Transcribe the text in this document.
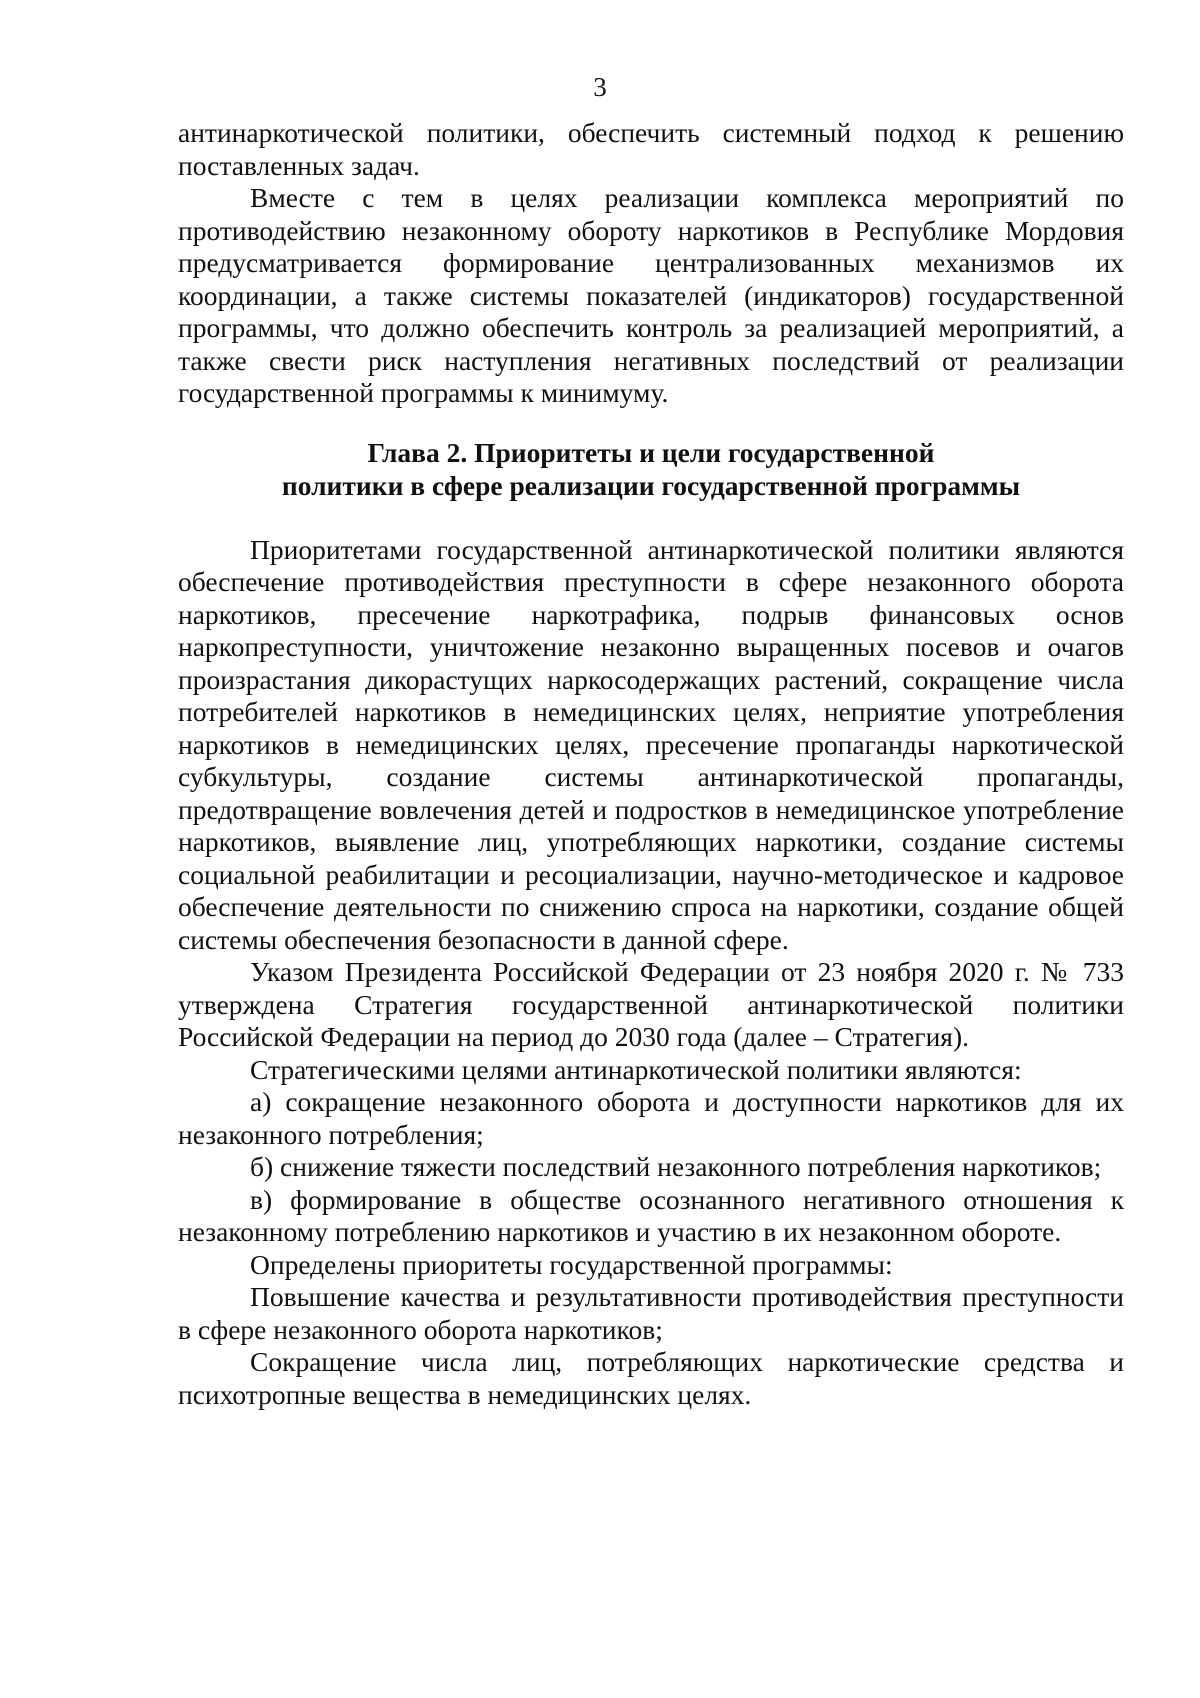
3

антинаркотической политики, обеспечить системный подход к решению поставленных задач.

Вместе с тем в целях реализации комплекса мероприятий по противодействию незаконному обороту наркотиков в Республике Мордовия предусматривается формирование централизованных механизмов их координации, а также системы показателей (индикаторов) государственной программы, что должно обеспечить контроль за реализацией мероприятий, а также свести риск наступления негативных последствий от реализации государственной программы к минимуму.

Глава 2. Приоритеты и цели государственной
политики в сфере реализации государственной программы

Приоритетами государственной антинаркотической политики являются обеспечение противодействия преступности в сфере незаконного оборота наркотиков, пресечение наркотрафика, подрыв финансовых основ наркопреступности, уничтожение незаконно выращенных посевов и очагов произрастания дикорастущих наркосодержащих растений, сокращение числа потребителей наркотиков в немедицинских целях, неприятие употребления наркотиков в немедицинских целях, пресечение пропаганды наркотической субкультуры, создание системы антинаркотической пропаганды, предотвращение вовлечения детей и подростков в немедицинское употребление наркотиков, выявление лиц, употребляющих наркотики, создание системы социальной реабилитации и ресоциализации, научно-методическое и кадровое обеспечение деятельности по снижению спроса на наркотики, создание общей системы обеспечения безопасности в данной сфере.

Указом Президента Российской Федерации от 23 ноября 2020 г. № 733 утверждена Стратегия государственной антинаркотической политики Российской Федерации на период до 2030 года (далее – Стратегия).

Стратегическими целями антинаркотической политики являются:

а) сокращение незаконного оборота и доступности наркотиков для их незаконного потребления;

б) снижение тяжести последствий незаконного потребления наркотиков;

в) формирование в обществе осознанного негативного отношения к незаконному потреблению наркотиков и участию в их незаконном обороте.

Определены приоритеты государственной программы:

Повышение качества и результативности противодействия преступности в сфере незаконного оборота наркотиков;

Сокращение числа лиц, потребляющих наркотические средства и психотропные вещества в немедицинских целях.
